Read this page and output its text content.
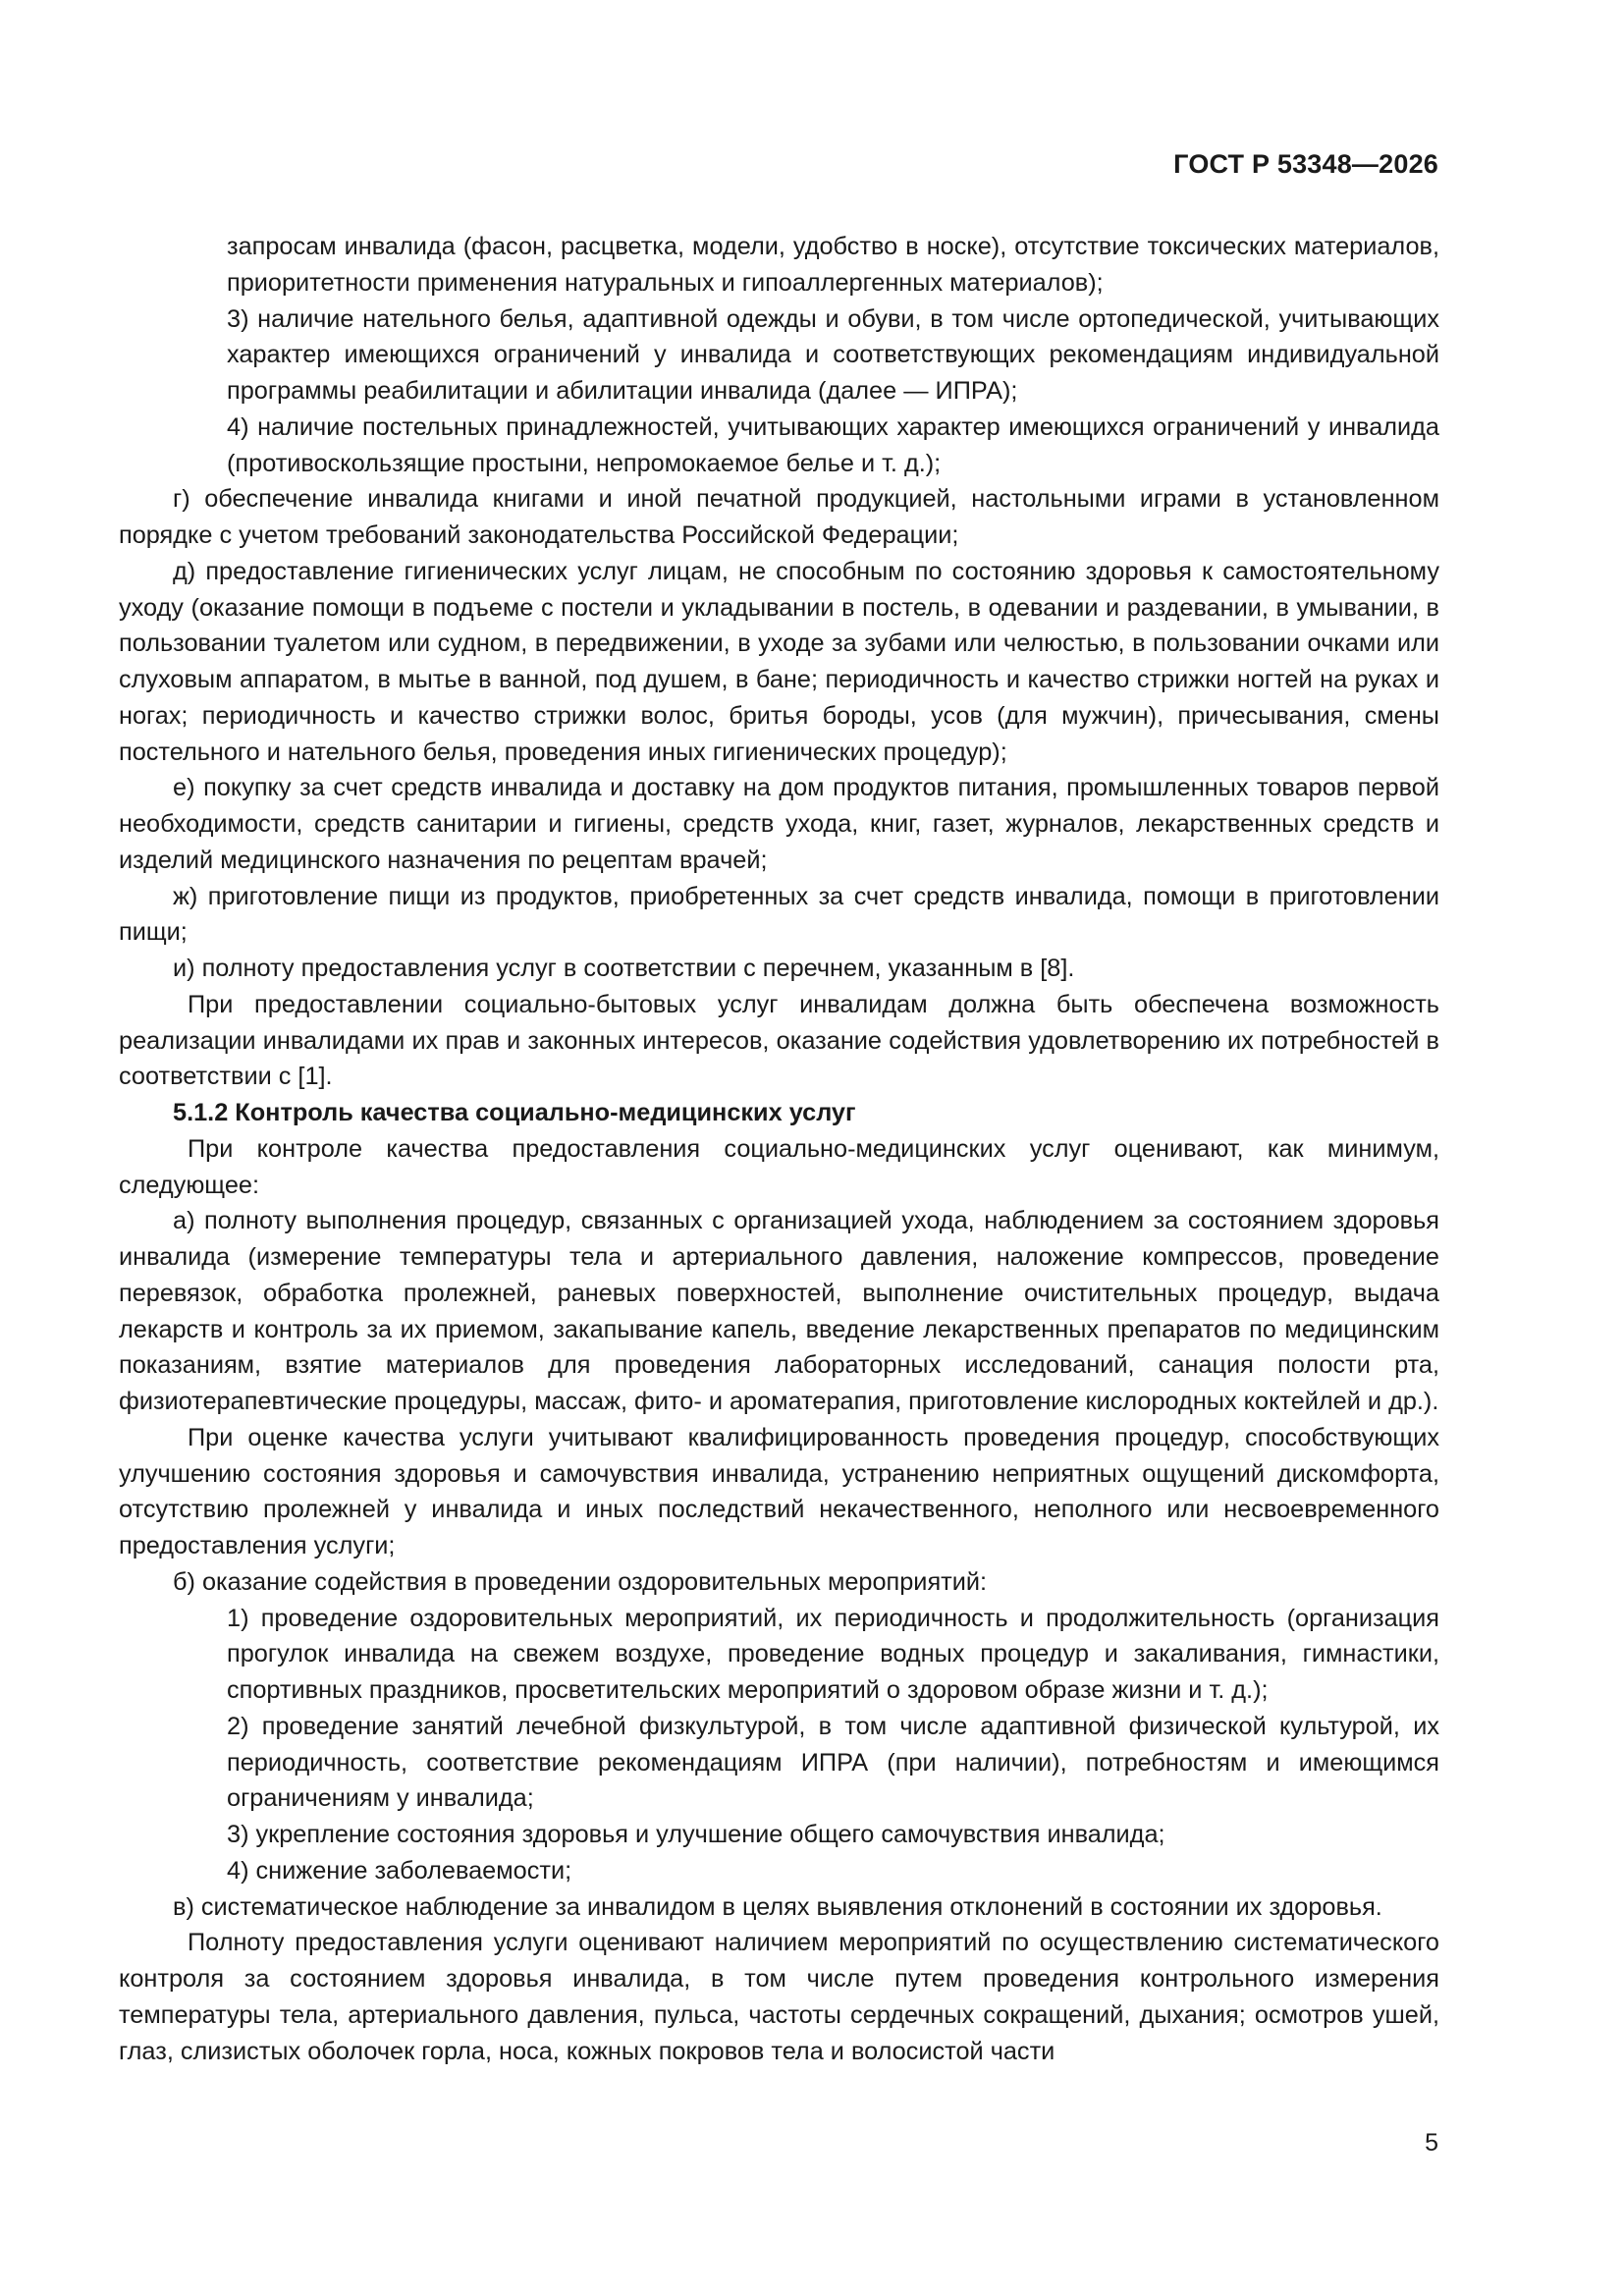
ГОСТ Р 53348—2026

запросам инвалида (фасон, расцветка, модели, удобство в носке), отсутствие токсических материалов, приоритетности применения натуральных и гипоаллергенных материалов);

3) наличие нательного белья, адаптивной одежды и обуви, в том числе ортопедической, учитывающих характер имеющихся ограничений у инвалида и соответствующих рекомендациям индивидуальной программы реабилитации и абилитации инвалида (далее — ИПРА);

4) наличие постельных принадлежностей, учитывающих характер имеющихся ограничений у инвалида (противоскользящие простыни, непромокаемое белье и т. д.);

г) обеспечение инвалида книгами и иной печатной продукцией, настольными играми в установленном порядке с учетом требований законодательства Российской Федерации;

д) предоставление гигиенических услуг лицам, не способным по состоянию здоровья к самостоятельному уходу (оказание помощи в подъеме с постели и укладывании в постель, в одевании и раздевании, в умывании, в пользовании туалетом или судном, в передвижении, в уходе за зубами или челюстью, в пользовании очками или слуховым аппаратом, в мытье в ванной, под душем, в бане; периодичность и качество стрижки ногтей на руках и ногах; периодичность и качество стрижки волос, бритья бороды, усов (для мужчин), причесывания, смены постельного и нательного белья, проведения иных гигиенических процедур);

е) покупку за счет средств инвалида и доставку на дом продуктов питания, промышленных товаров первой необходимости, средств санитарии и гигиены, средств ухода, книг, газет, журналов, лекарственных средств и изделий медицинского назначения по рецептам врачей;

ж) приготовление пищи из продуктов, приобретенных за счет средств инвалида, помощи в приготовлении пищи;

и) полноту предоставления услуг в соответствии с перечнем, указанным в [8].

При предоставлении социально-бытовых услуг инвалидам должна быть обеспечена возможность реализации инвалидами их прав и законных интересов, оказание содействия удовлетворению их потребностей в соответствии с [1].

5.1.2 Контроль качества социально-медицинских услуг

При контроле качества предоставления социально-медицинских услуг оценивают, как минимум, следующее:

а) полноту выполнения процедур, связанных с организацией ухода, наблюдением за состоянием здоровья инвалида (измерение температуры тела и артериального давления, наложение компрессов, проведение перевязок, обработка пролежней, раневых поверхностей, выполнение очистительных процедур, выдача лекарств и контроль за их приемом, закапывание капель, введение лекарственных препаратов по медицинским показаниям, взятие материалов для проведения лабораторных исследований, санация полости рта, физиотерапевтические процедуры, массаж, фито- и ароматерапия, приготовление кислородных коктейлей и др.).

При оценке качества услуги учитывают квалифицированность проведения процедур, способствующих улучшению состояния здоровья и самочувствия инвалида, устранению неприятных ощущений дискомфорта, отсутствию пролежней у инвалида и иных последствий некачественного, неполного или несвоевременного предоставления услуги;

б) оказание содействия в проведении оздоровительных мероприятий:

1) проведение оздоровительных мероприятий, их периодичность и продолжительность (организация прогулок инвалида на свежем воздухе, проведение водных процедур и закаливания, гимнастики, спортивных праздников, просветительских мероприятий о здоровом образе жизни и т. д.);

2) проведение занятий лечебной физкультурой, в том числе адаптивной физической культурой, их периодичность, соответствие рекомендациям ИПРА (при наличии), потребностям и имеющимся ограничениям у инвалида;

3) укрепление состояния здоровья и улучшение общего самочувствия инвалида;

4) снижение заболеваемости;

в) систематическое наблюдение за инвалидом в целях выявления отклонений в состоянии их здоровья.

Полноту предоставления услуги оценивают наличием мероприятий по осуществлению систематического контроля за состоянием здоровья инвалида, в том числе путем проведения контрольного измерения температуры тела, артериального давления, пульса, частоты сердечных сокращений, дыхания; осмотров ушей, глаз, слизистых оболочек горла, носа, кожных покровов тела и волосистой части

5
